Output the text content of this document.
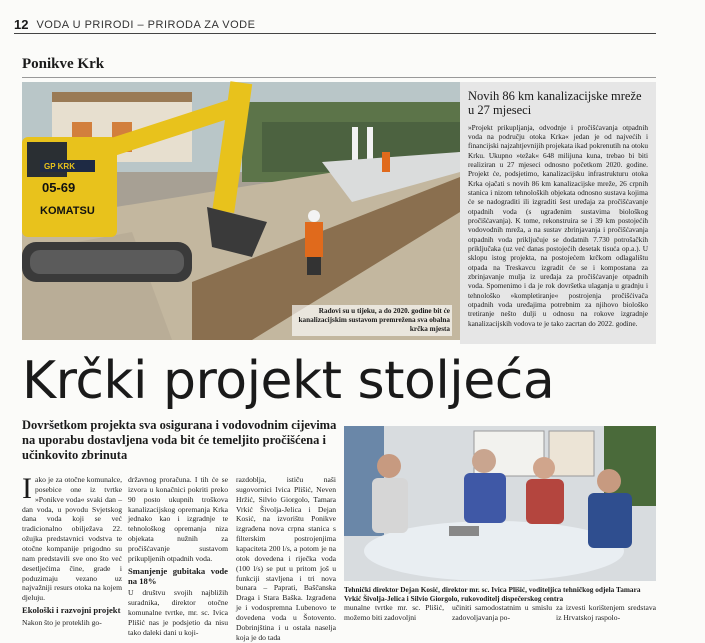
12 VODA U PRIRODI – PRIRODA ZA VODE
Ponikve Krk
GP KRK
05-69
KOMATSU
Radovi su u tijeku, a do 2020. godine bit će kanalizacijskim sustavom premrežena sva obalna krčka mjesta
Novih 86 km kanalizacijske mreže u 27 mjeseci
»Projekt prikupljanja, odvodnje i pročišćavanja otpadnih voda na području otoka Krka« jedan je od najvećih i financijski najzahtjevnijih projekata ikad pokrenutih na otoku Krku. Ukupno »težak« 648 milijuna kuna, trebao bi biti realiziran u 27 mjeseci odnosno početkom 2020. godine. Projekt će, podsjetimo, kanalizacijsku infrastrukturu otoka Krka ojačati s novih 86 km kanalizacijske mreže, 26 crpnih stanica i nizom tehnoloških objekata odnosno sustava kojima će se nadograditi ili izgraditi šest uređaja za pročišćavanje otpadnih voda (s ugrađenim sustavima biološkog pročišćavanja). K tome, rekonstruira se i 39 km postojećih vodovodnih mreža, a na sustav zbrinjavanja i pročišćavanja otpadnih voda priključuje se dodatnih 7.730 potrošačkih priključaka (uz već danas postojećih desetak tisuća op.a.). U sklopu istog projekta, na postojećem krčkom odlagalištu otpada na Treskavcu izgradit će se i kompostana za zbrinjavanje mulja iz uređaja za pročišćavanje otpadnih voda. Spomenimo i da je rok dovršetka ulaganja u gradnju i tehnološko »kompletiranje« postrojenja pročišćivača otpadnih voda uređajima potrebnim za njihovo biološko tretiranje nešto dulji u odnosu na rokove izgradnje kanalizacijskih vodova te je tako zacrtan do 2022. godine.
Krčki projekt stoljeća
Dovršetkom projekta sva osigurana i vodovodnim cijevima na uporabu dostavljena voda bit će temeljito pročišćena i učinkovito zbrinuta
Tehnički direktor Dejan Kosić, direktor mr. sc. Ivica Plišić, voditeljica tehničkog odjela Tamara Vrkić Šivolja-Jelica i Silvio Giorgolo, rukovoditelj dispečerskog centra
I ako je za otočne komunalce, posebice one iz tvrtke »Ponikve voda« svaki dan – dan voda, u povodu Svjetskog dana voda koji se već tradicionalno obilježava 22. ožujka predstavnici vodstva te otočne kompanije prigodno su nam predstavili sve ono što već desetljećima čine, grade i poduzimaju vezano uz najvažniji resurs otoka na kojem djeluju.
Ekološki i razvojni projekt
Nakon što je proteklih go-
državnog proračuna. I tih će se izvora u konačnici pokriti preko 90 posto ukupnih troškova kanalizacijskog opremanja Krka jednako kao i izgradnje te tehnološkog opremanja niza objekata nužnih za pročišćavanje sustavom prikupljenih otpadnih voda.
Smanjenje gubitaka vode na 18%
U društvu svojih najbližih suradnika, direktor otočne komunalne tvrtke, mr. sc. Ivica Plišić nas je podsjetio da nisu tako daleki dani u koji-
razdoblja, ističu naši sugovornici Ivica Plišić, Neven Hržić, Silvio Giorgolo, Tamara Vrkić Šivolja-Jelica i Dejan Kosić, na izvorištu Ponikve izgrađena nova crpna stanica s filterskim postrojenjima kapaciteta 200 l/s, a potom je na otok dovedena i riječka voda (100 l/s) se put u pritom još u funkciji stavljena i tri nova bunara – Paprati, Baščanska Draga i Stara Baška. Izgrađena je i vodospremna Lubenovo te dovedena voda u Šotovento. Dobrinjština i u ostala naselja koja je do tada
munalne tvrtke mr. sc. Plišić, možemo biti zadovoljni
učiniti samodostatnim u smislu zadovoljavanja po-
za izvesti korištenjem sredstava iz Hrvatskoj raspolo-
